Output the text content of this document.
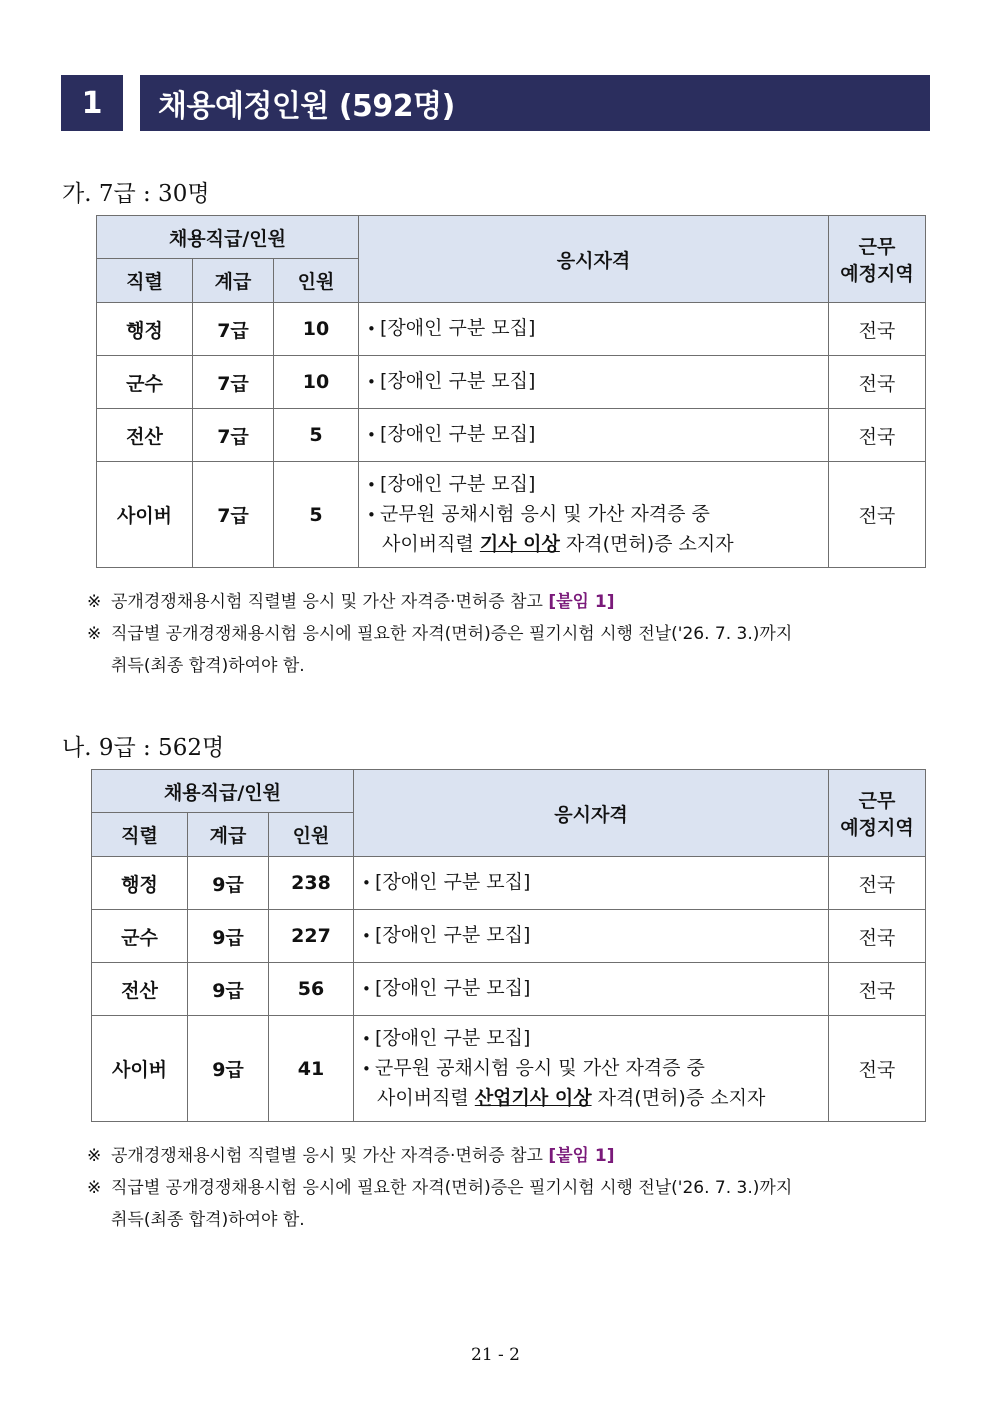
1	채용예정인원 (592명)
가. 7급 : 30명
채용직급/인원			응시자격	근무
예정지역
직렬	계급	인원		
행정	7급	10	• [장애인 구분 모집]	전국
군수	7급	10	• [장애인 구분 모집]	전국
전산	7급	5	• [장애인 구분 모집]	전국
사이버	7급	5	• [장애인 구분 모집]
• 군무원 공채시험 응시 및 가산 자격증 중
사이버직렬 기사 이상 자격(면허)증 소지자	전국
※ 공개경쟁채용시험 직렬별 응시 및 가산 자격증·면허증 참고 [붙임 1]
※ 직급별 공개경쟁채용시험 응시에 필요한 자격(면허)증은 필기시험 시행 전날('26. 7. 3.)까지
취득(최종 합격)하여야 함.
나. 9급 : 562명
채용직급/인원			응시자격	근무
예정지역
직렬	계급	인원		
행정	9급	238	• [장애인 구분 모집]	전국
군수	9급	227	• [장애인 구분 모집]	전국
전산	9급	56	• [장애인 구분 모집]	전국
사이버	9급	41	• [장애인 구분 모집]
• 군무원 공채시험 응시 및 가산 자격증 중
사이버직렬 산업기사 이상 자격(면허)증 소지자	전국
※ 공개경쟁채용시험 직렬별 응시 및 가산 자격증·면허증 참고 [붙임 1]
※ 직급별 공개경쟁채용시험 응시에 필요한 자격(면허)증은 필기시험 시행 전날('26. 7. 3.)까지
취득(최종 합격)하여야 함.
21 - 2
